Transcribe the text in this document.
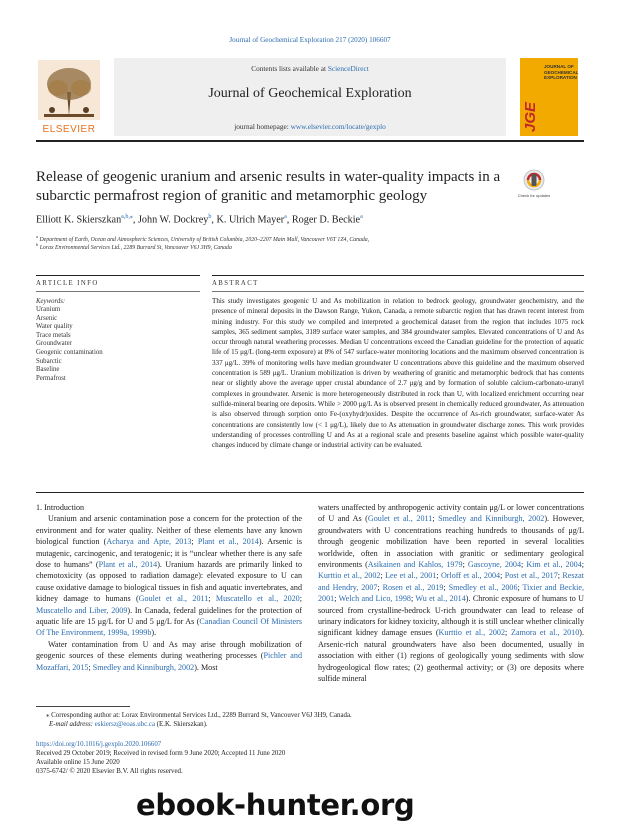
Journal of Geochemical Exploration 217 (2020) 106607
Contents lists available at ScienceDirect
Journal of Geochemical Exploration
journal homepage: www.elsevier.com/locate/gexplo
ELSEVIER	JGE
JOURNAL OF GEOCHEMICAL EXPLORATION
Release of geogenic uranium and arsenic results in water-quality impacts in a subarctic permafrost region of granitic and metamorphic geology	Check for updates
Elliott K. Skierszkan$^{a,b,⁎}$, John W. Dockrey$^b$, K. Ulrich Mayer$^a$, Roger D. Beckie$^a$
$^a$ Department of Earth, Ocean and Atmospheric Sciences, University of British Columbia, 2020–2207 Main Mall, Vancouver V6T 1Z4, Canada,
$^b$ Lorax Environmental Services Ltd., 2289 Burrard St, Vancouver V6J 3H9, Canada
ARTICLE INFO	ABSTRACT
Keywords:
Uranium
Arsenic
Water quality
Trace metals
Groundwater
Geogenic contamination
Subarctic
Baseline
Permafrost
This study investigates geogenic U and As mobilization in relation to bedrock geology, groundwater geochemistry, and the presence of mineral deposits in the Dawson Range, Yukon, Canada, a remote subarctic region that has drawn recent interest from mining industry. For this study we compiled and interpreted a geochemical dataset from the region that includes 1075 rock samples, 365 sediment samples, 3189 surface water samples, and 384 groundwater samples. Elevated concentrations of U and As occur through natural weathering processes. Median U concentrations exceed the Canadian guideline for the protection of aquatic life of 15 μg/L (long-term exposure) at 8% of 547 surface-water monitoring locations and the maximum observed concentration is 337 μg/L. 39% of monitoring wells have median groundwater U concentrations above this guideline and the maximum observed concentration is 589 μg/L. Uranium mobilization is driven by weathering of granitic and metamorphic bedrock that has contents near or slightly above the average upper crustal abundance of 2.7 μg/g and by formation of soluble calcium-carbonato-uranyl complexes in groundwater. Arsenic is more heterogeneously distributed in rock than U, with localized enrichment occurring near sulfide-mineral bearing ore deposits. While > 2000 μg/L As is observed present in chemically reduced groundwater, As attenuation is also observed through sorption onto Fe-(oxyhydr)oxides. Despite the occurrence of As-rich groundwater, surface-water As concentrations are consistently low (< 1 μg/L), likely due to As attenuation in groundwater discharge zones. This work provides understanding of processes controlling U and As at a regional scale and presents baseline against which possible water-quality changes induced by climate change or industrial activity can be evaluated.

1. Introduction

Uranium and arsenic contamination pose a concern for the protection of the environment and for water quality. Neither of these elements have any known biological function (Acharya and Apte, 2013; Plant et al., 2014). Arsenic is mutagenic, carcinogenic, and teratogenic; it is “unclear whether there is any safe dose to humans” (Plant et al., 2014). Uranium hazards are primarily linked to chemotoxicity (as opposed to radiation damage): elevated exposure to U can cause oxidative damage to biological tissues in fish and aquatic invertebrates, and kidney damage to humans (Goulet et al., 2011; Muscatello et al., 2020; Muscatello and Liber, 2009). In Canada, federal guidelines for the protection of aquatic life are 15 μg/L for U and 5 μg/L for As (Canadian Council Of Ministers Of The Environment, 1999a, 1999b).

Water contamination from U and As may arise through mobilization of geogenic sources of these elements during weathering processes (Pichler and Mozaffari, 2015; Smedley and Kinniburgh, 2002). Most

waters unaffected by anthropogenic activity contain μg/L or lower concentrations of U and As (Goulet et al., 2011; Smedley and Kinniburgh, 2002). However, groundwaters with U concentrations reaching hundreds to thousands of μg/L through geogenic mobilization have been reported in several localities worldwide, often in association with granitic or sedimentary geological environments (Asikainen and Kahlos, 1979; Gascoyne, 2004; Kim et al., 2004; Kurttio et al., 2002; Lee et al., 2001; Orloff et al., 2004; Post et al., 2017; Reszat and Hendry, 2007; Rosen et al., 2019; Smedley et al., 2006; Tixier and Beckie, 2001; Welch and Lico, 1998; Wu et al., 2014). Chronic exposure of humans to U sourced from crystalline-bedrock U-rich groundwater can lead to release of urinary indicators for kidney toxicity, although it is still unclear whether clinically significant kidney damage ensues (Kurttio et al., 2002; Zamora et al., 2010). Arsenic-rich natural groundwaters have also been documented, usually in association with either (1) regions of geologically young sediments with slow hydrogeological flow rates; (2) geothermal activity; or (3) ore deposits where sulfide mineral

⁎ Corresponding author at: Lorax Environmental Services Ltd., 2289 Burrard St, Vancouver V6J 3H9, Canada.
E-mail address: eskiersz@eoas.ubc.ca (E.K. Skierszkan).
https://doi.org/10.1016/j.gexplo.2020.106607
Received 29 October 2019; Received in revised form 9 June 2020; Accepted 11 June 2020
Available online 15 June 2020
0375-6742/ © 2020 Elsevier B.V. All rights reserved.
ebook-hunter.org
